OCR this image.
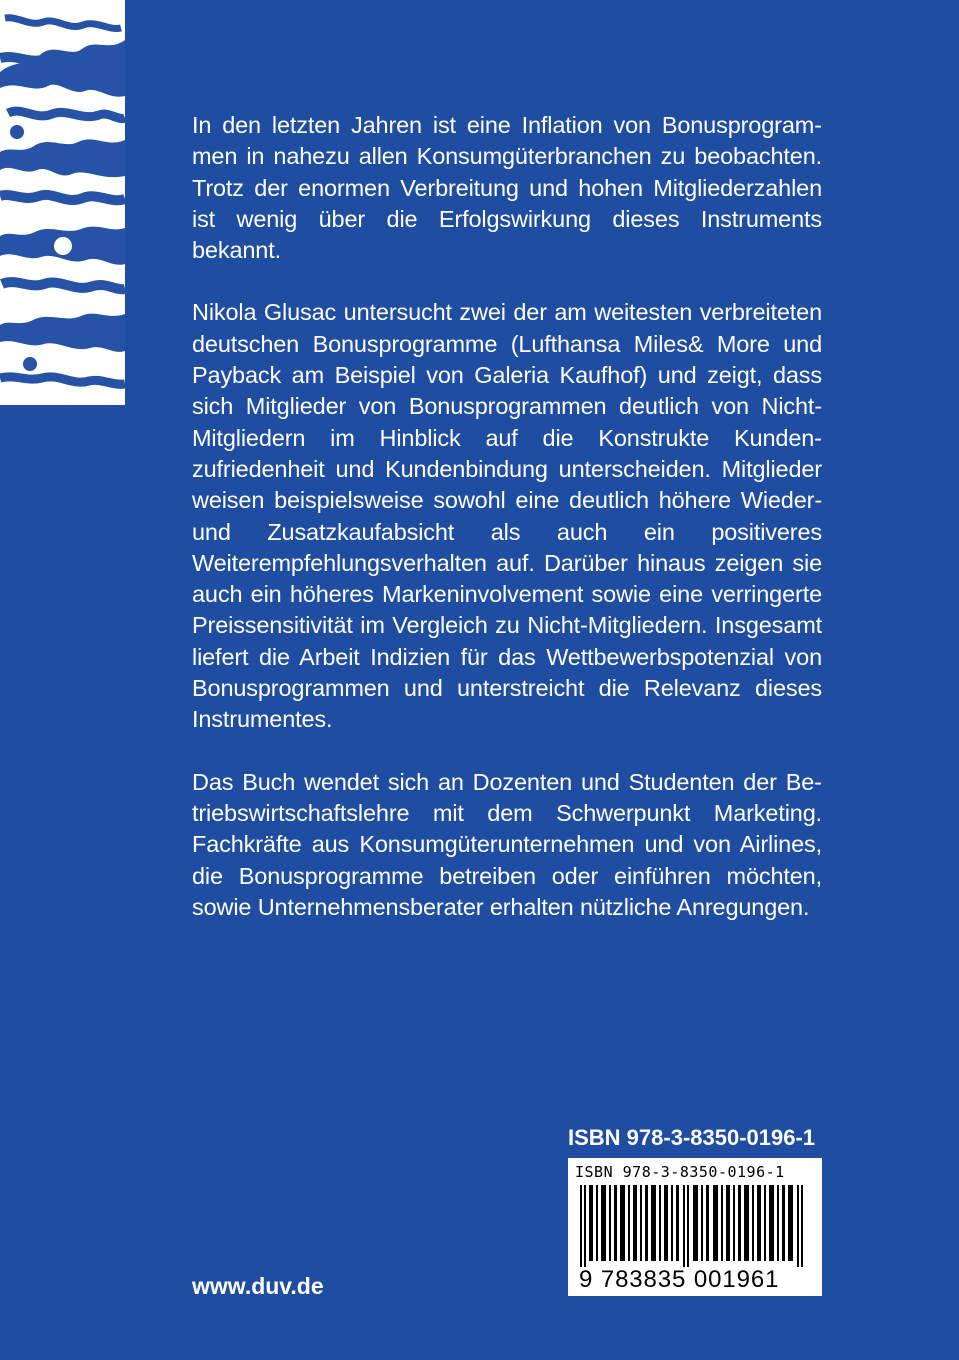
In den letzten Jahren ist eine Inflation von Bonusprogrammen in nahezu allen Konsumgüterbranchen zu beobachten. Trotz der enormen Verbreitung und hohen Mitgliederzahlen ist wenig über die Erfolgswirkung dieses Instruments bekannt.

Nikola Glusac untersucht zwei der am weitesten verbreiteten deutschen Bonusprogramme (Lufthansa Miles& More und Payback am Beispiel von Galeria Kaufhof) und zeigt, dass sich Mitglieder von Bonusprogrammen deutlich von Nicht-Mitgliedern im Hinblick auf die Konstrukte Kundenzufriedenheit und Kundenbindung unterscheiden. Mitglieder weisen beispielsweise sowohl eine deutlich höhere Wieder- und Zusatzkaufabsicht als auch ein positiveres Weiterempfehlungsverhalten auf. Darüber hinaus zeigen sie auch ein höheres Markeninvolvement sowie eine verringerte Preissensitivität im Vergleich zu Nicht-Mitgliedern. Insgesamt liefert die Arbeit Indizien für das Wettbewerbspotenzial von Bonusprogrammen und unterstreicht die Relevanz dieses Instrumentes.

Das Buch wendet sich an Dozenten und Studenten der Betriebswirtschaftslehre mit dem Schwerpunkt Marketing. Fachkräfte aus Konsumgüterunternehmen und von Airlines, die Bonusprogramme betreiben oder einführen möchten, sowie Unternehmensberater erhalten nützliche Anregungen.

ISBN 978-3-8350-0196-1
ISBN 978-3-8350-0196-1
9 783835 001961
www.duv.de
